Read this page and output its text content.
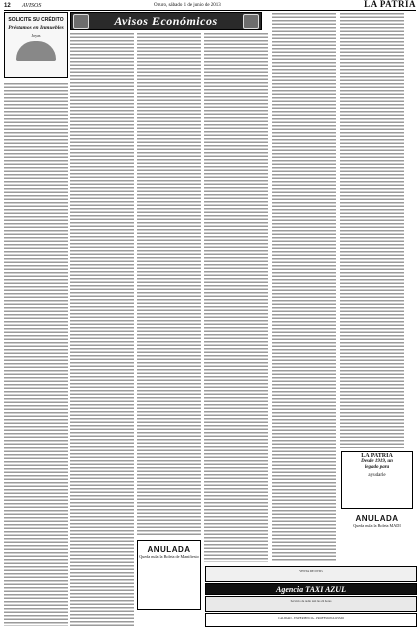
12 AVISOS	Oruro, sábado 1 de junio de 2013	LA PATRIA
Avisos Económicos
SOLICITE SU CRÉDITO
Préstamos en Inmuebles
Joyas
ANULADA
Queda nula la Boleta de Manifiesto
LA PATRIA
Desde 1919, un
legado para
ayudarle
ANULADA
Queda nula la Boleta MADI
VENTA DE DVD's
Agencia TAXI AZUL
Servicio de radio taxi las 24 horas
CALIDAD - EXPERIENCIA - PROFESIONALISMO
